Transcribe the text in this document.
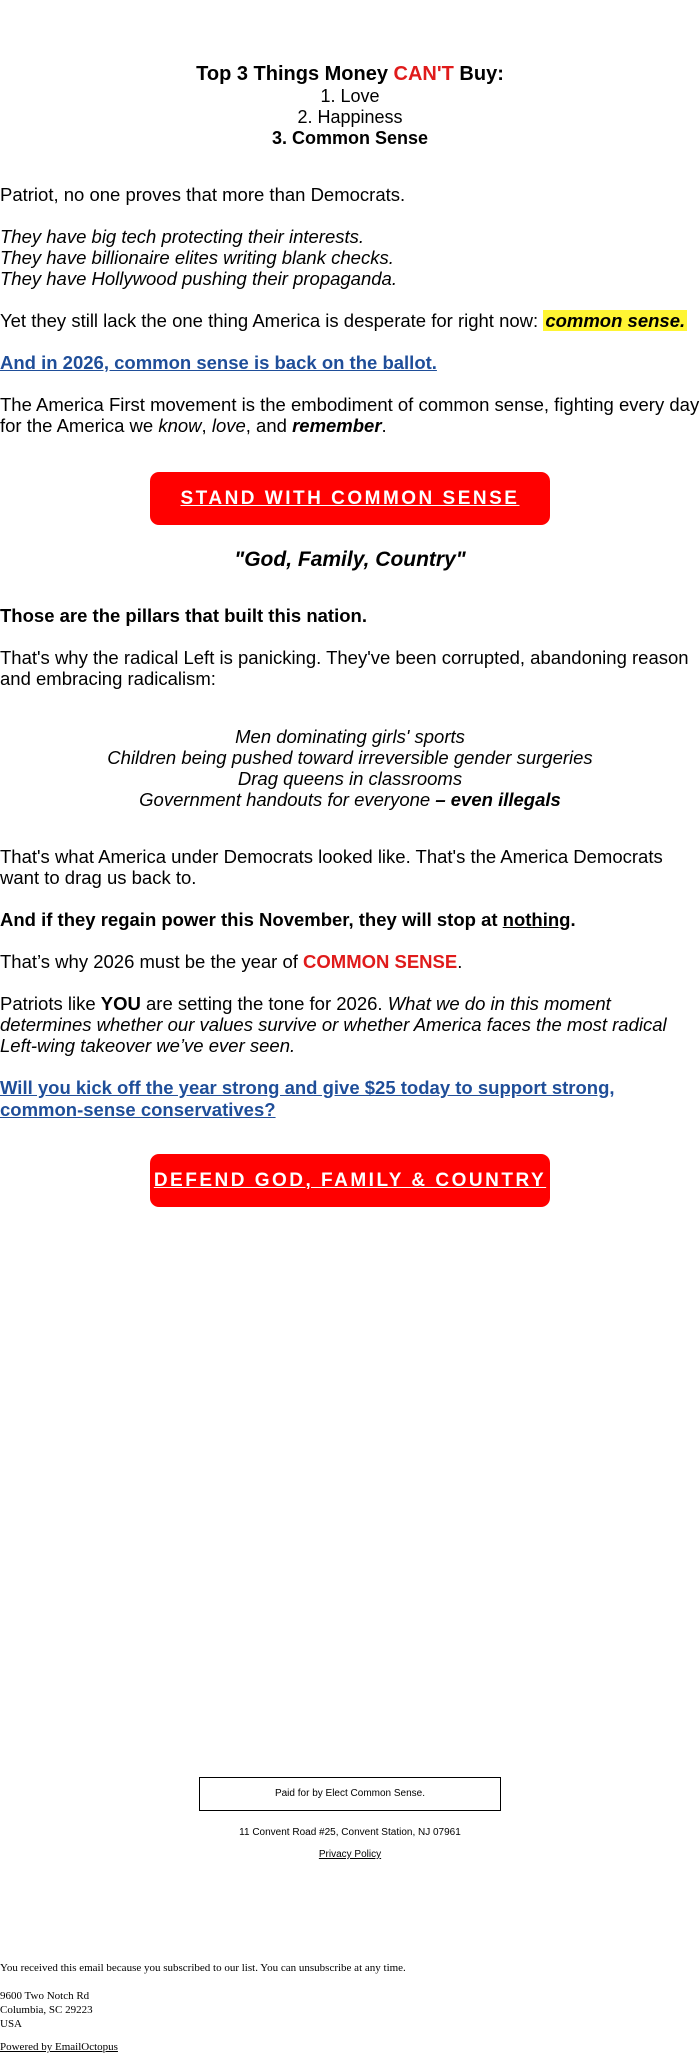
Top 3 Things Money CAN'T Buy:
1. Love
2. Happiness
3. Common Sense
Patriot, no one proves that more than Democrats.
They have big tech protecting their interests.
They have billionaire elites writing blank checks.
They have Hollywood pushing their propaganda.
Yet they still lack the one thing America is desperate for right now: common sense.
And in 2026, common sense is back on the ballot.
The America First movement is the embodiment of common sense, fighting every day for the America we know, love, and remember.
STAND WITH COMMON SENSE
"God, Family, Country"
Those are the pillars that built this nation.
That's why the radical Left is panicking. They've been corrupted, abandoning reason and embracing radicalism:
Men dominating girls' sports
Children being pushed toward irreversible gender surgeries
Drag queens in classrooms
Government handouts for everyone – even illegals
That's what America under Democrats looked like. That's the America Democrats want to drag us back to.
And if they regain power this November, they will stop at nothing.
That’s why 2026 must be the year of COMMON SENSE.
Patriots like YOU are setting the tone for 2026. What we do in this moment determines whether our values survive or whether America faces the most radical Left-wing takeover we’ve ever seen.
Will you kick off the year strong and give $25 today to support strong, common-sense conservatives?
DEFEND GOD, FAMILY & COUNTRY
Paid for by Elect Common Sense.
11 Convent Road #25, Convent Station, NJ 07961
Privacy Policy
You received this email because you subscribed to our list. You can unsubscribe at any time.
9600 Two Notch Rd
Columbia, SC 29223
USA
Powered by EmailOctopus
